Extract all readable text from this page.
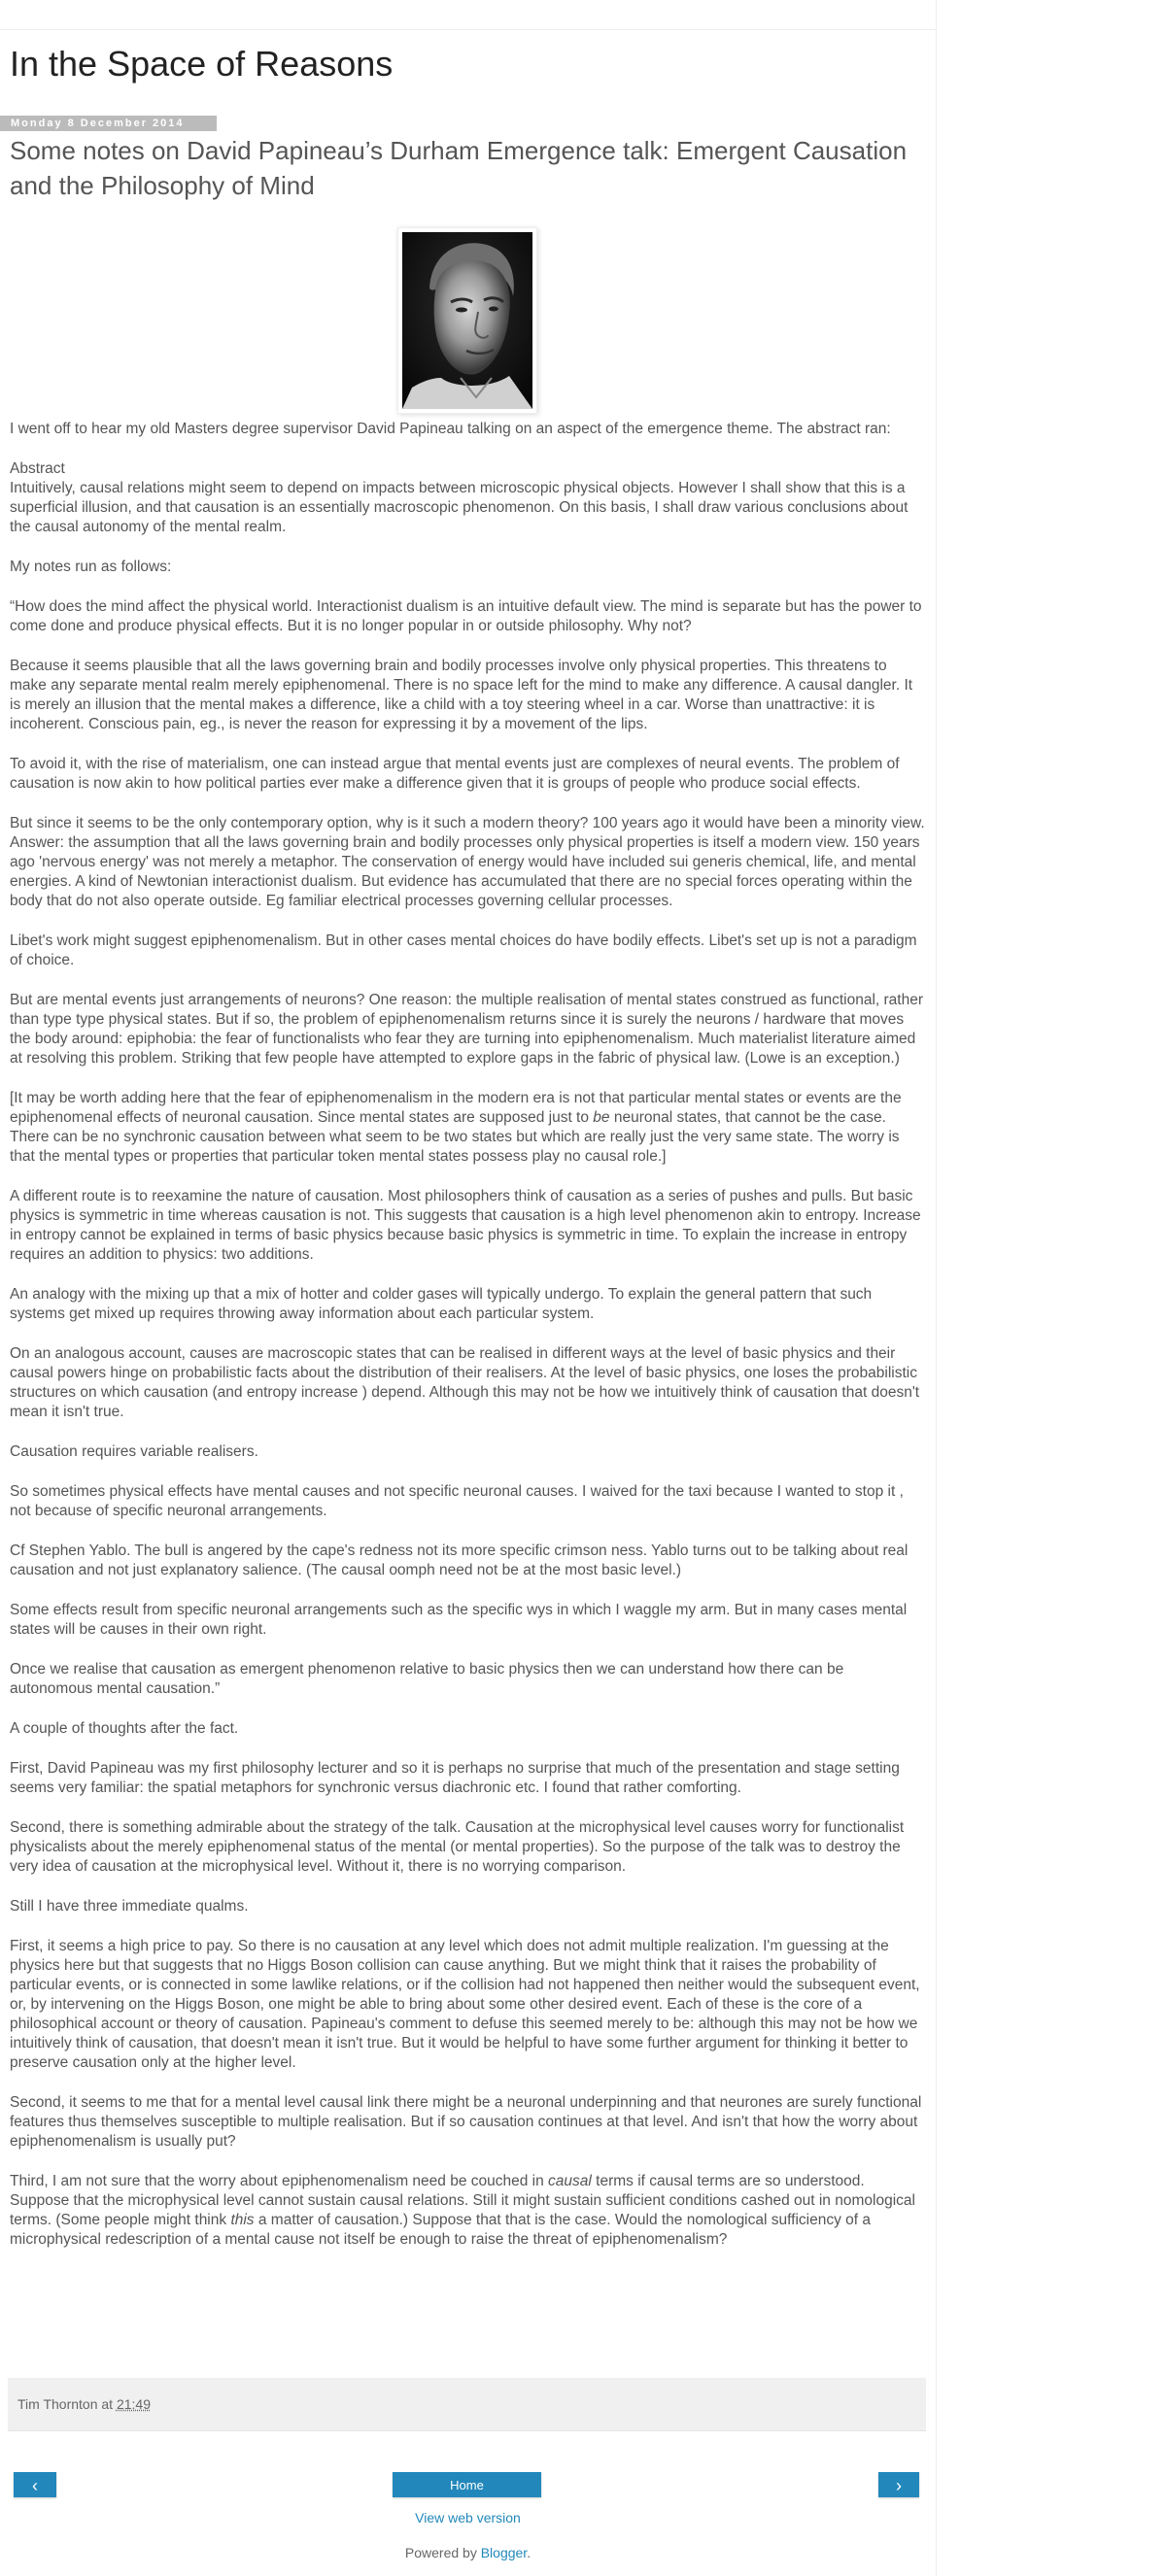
In the Space of Reasons
Monday 8 December 2014
Some notes on David Papineau’s Durham Emergence talk: Emergent Causation and the Philosophy of Mind

I went off to hear my old Masters degree supervisor David Papineau talking on an aspect of the emergence theme. The abstract ran:

Abstract

Intuitively, causal relations might seem to depend on impacts between microscopic physical objects. However I shall show that this is a superficial illusion, and that causation is an essentially macroscopic phenomenon. On this basis, I shall draw various conclusions about the causal autonomy of the mental realm.

My notes run as follows:

“How does the mind affect the physical world. Interactionist dualism is an intuitive default view. The mind is separate but has the power to come done and produce physical effects. But it is no longer popular in or outside philosophy. Why not?

Because it seems plausible that all the laws governing brain and bodily processes involve only physical properties. This threatens to make any separate mental realm merely epiphenomenal. There is no space left for the mind to make any difference. A causal dangler. It is merely an illusion that the mental makes a difference, like a child with a toy steering wheel in a car. Worse than unattractive: it is incoherent. Conscious pain, eg., is never the reason for expressing it by a movement of the lips.

To avoid it, with the rise of materialism, one can instead argue that mental events just are complexes of neural events. The problem of causation is now akin to how political parties ever make a difference given that it is groups of people who produce social effects.

But since it seems to be the only contemporary option, why is it such a modern theory? 100 years ago it would have been a minority view. Answer: the assumption that all the laws governing brain and bodily processes only physical properties is itself a modern view. 150 years ago 'nervous energy' was not merely a metaphor. The conservation of energy would have included sui generis chemical, life, and mental energies. A kind of Newtonian interactionist dualism. But evidence has accumulated that there are no special forces operating within the body that do not also operate outside. Eg familiar electrical processes governing cellular processes.

Libet's work might suggest epiphenomenalism. But in other cases mental choices do have bodily effects. Libet's set up is not a paradigm of choice.

But are mental events just arrangements of neurons? One reason: the multiple realisation of mental states construed as functional, rather than type type physical states. But if so, the problem of epiphenomenalism returns since it is surely the neurons / hardware that moves the body around: epiphobia: the fear of functionalists who fear they are turning into epiphenomenalism. Much materialist literature aimed at resolving this problem. Striking that few people have attempted to explore gaps in the fabric of physical law. (Lowe is an exception.)

[It may be worth adding here that the fear of epiphenomenalism in the modern era is not that particular mental states or events are the epiphenomenal effects of neuronal causation. Since mental states are supposed just to be neuronal states, that cannot be the case. There can be no synchronic causation between what seem to be two states but which are really just the very same state. The worry is that the mental types or properties that particular token mental states possess play no causal role.]

A different route is to reexamine the nature of causation. Most philosophers think of causation as a series of pushes and pulls. But basic physics is symmetric in time whereas causation is not. This suggests that causation is a high level phenomenon akin to entropy. Increase in entropy cannot be explained in terms of basic physics because basic physics is symmetric in time. To explain the increase in entropy requires an addition to physics: two additions.

An analogy with the mixing up that a mix of hotter and colder gases will typically undergo. To explain the general pattern that such systems get mixed up requires throwing away information about each particular system.

On an analogous account, causes are macroscopic states that can be realised in different ways at the level of basic physics and their causal powers hinge on probabilistic facts about the distribution of their realisers. At the level of basic physics, one loses the probabilistic structures on which causation (and entropy increase ) depend. Although this may not be how we intuitively think of causation that doesn't mean it isn't true.

Causation requires variable realisers.

So sometimes physical effects have mental causes and not specific neuronal causes. I waived for the taxi because I wanted to stop it , not because of specific neuronal arrangements.

Cf Stephen Yablo. The bull is angered by the cape's redness not its more specific crimson ness. Yablo turns out to be talking about real causation and not just explanatory salience. (The causal oomph need not be at the most basic level.)

Some effects result from specific neuronal arrangements such as the specific wys in which I waggle my arm. But in many cases mental states will be causes in their own right.

Once we realise that causation as emergent phenomenon relative to basic physics then we can understand how there can be autonomous mental causation.”

A couple of thoughts after the fact.

First, David Papineau was my first philosophy lecturer and so it is perhaps no surprise that much of the presentation and stage setting seems very familiar: the spatial metaphors for synchronic versus diachronic etc. I found that rather comforting.

Second, there is something admirable about the strategy of the talk. Causation at the microphysical level causes worry for functionalist physicalists about the merely epiphenomenal status of the mental (or mental properties). So the purpose of the talk was to destroy the very idea of causation at the microphysical level. Without it, there is no worrying comparison.

Still I have three immediate qualms.

First, it seems a high price to pay. So there is no causation at any level which does not admit multiple realization. I'm guessing at the physics here but that suggests that no Higgs Boson collision can cause anything. But we might think that it raises the probability of particular events, or is connected in some lawlike relations, or if the collision had not happened then neither would the subsequent event, or, by intervening on the Higgs Boson, one might be able to bring about some other desired event. Each of these is the core of a philosophical account or theory of causation. Papineau's comment to defuse this seemed merely to be: although this may not be how we intuitively think of causation, that doesn't mean it isn't true. But it would be helpful to have some further argument for thinking it better to preserve causation only at the higher level.

Second, it seems to me that for a mental level causal link there might be a neuronal underpinning and that neurones are surely functional features thus themselves susceptible to multiple realisation. But if so causation continues at that level. And isn't that how the worry about epiphenomenalism is usually put?

Third, I am not sure that the worry about epiphenomenalism need be couched in causal terms if causal terms are so understood. Suppose that the microphysical level cannot sustain causal relations. Still it might sustain sufficient conditions cashed out in nomological terms. (Some people might think this a matter of causation.) Suppose that that is the case. Would the nomological sufficiency of a microphysical redescription of a mental cause not itself be enough to raise the threat of epiphenomenalism?

Tim Thornton at 21:49
‹	Home	›
View web version
Powered by Blogger.
